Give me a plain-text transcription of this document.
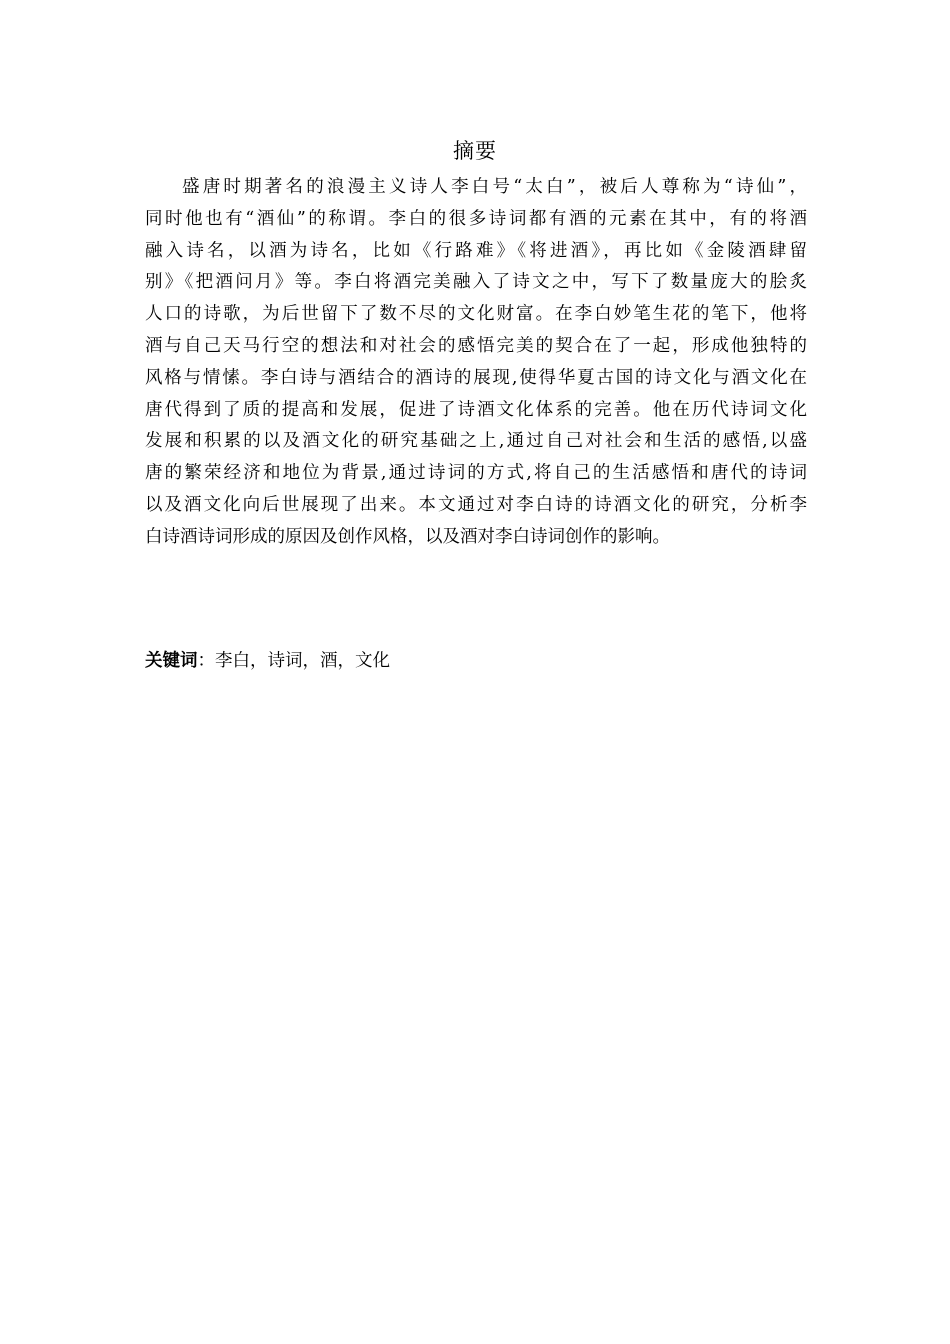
摘要
盛唐时期著名的浪漫主义诗人李白号“太白”，被后人尊称为“诗仙”，
同时他也有“酒仙”的称谓。李白的很多诗词都有酒的元素在其中，有的将酒
融入诗名，以酒为诗名，比如《行路难》《将进酒》，再比如《金陵酒肆留
别》《把酒问月》等。李白将酒完美融入了诗文之中，写下了数量庞大的脍炙
人口的诗歌，为后世留下了数不尽的文化财富。在李白妙笔生花的笔下，他将
酒与自己天马行空的想法和对社会的感悟完美的契合在了一起，形成他独特的
风格与情愫。李白诗与酒结合的酒诗的展现,使得华夏古国的诗文化与酒文化在
唐代得到了质的提高和发展，促进了诗酒文化体系的完善。他在历代诗词文化
发展和积累的以及酒文化的研究基础之上,通过自己对社会和生活的感悟,以盛
唐的繁荣经济和地位为背景,通过诗词的方式,将自己的生活感悟和唐代的诗词
以及酒文化向后世展现了出来。本文通过对李白诗的诗酒文化的研究，分析李
白诗酒诗词形成的原因及创作风格，以及酒对李白诗词创作的影响。
关键词：李白，诗词，酒，文化
